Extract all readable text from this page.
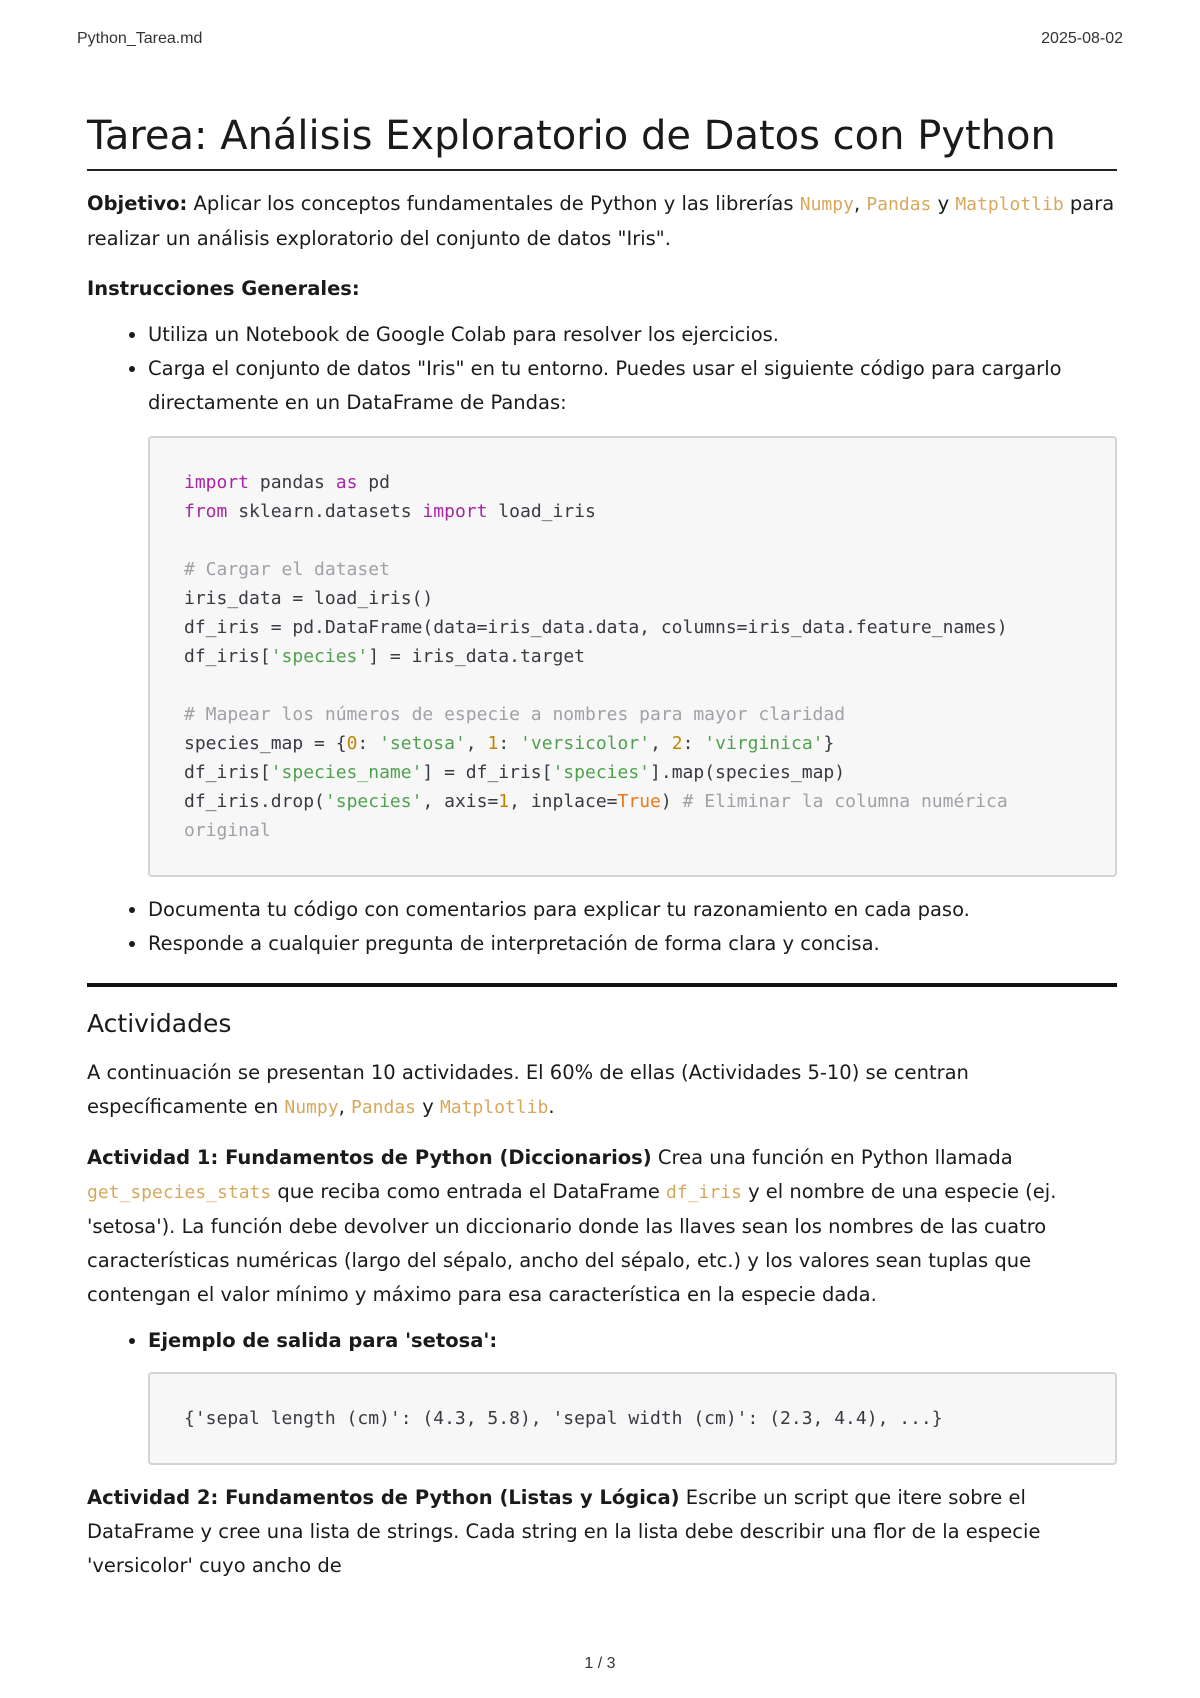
Python_Tarea.md	2025-08-02
Tarea: Análisis Exploratorio de Datos con Python

Objetivo: Aplicar los conceptos fundamentales de Python y las librerías Numpy, Pandas y Matplotlib para realizar un análisis exploratorio del conjunto de datos "Iris".

Instrucciones Generales:

• Utiliza un Notebook de Google Colab para resolver los ejercicios.
• Carga el conjunto de datos "Iris" en tu entorno. Puedes usar el siguiente código para cargarlo directamente en un DataFrame de Pandas:
import pandas as pd
from sklearn.datasets import load_iris

# Cargar el dataset
iris_data = load_iris()
df_iris = pd.DataFrame(data=iris_data.data, columns=iris_data.feature_names)
df_iris['species'] = iris_data.target

# Mapear los números de especie a nombres para mayor claridad
species_map = {0: 'setosa', 1: 'versicolor', 2: 'virginica'}
df_iris['species_name'] = df_iris['species'].map(species_map)
df_iris.drop('species', axis=1, inplace=True) # Eliminar la columna numérica original
• Documenta tu código con comentarios para explicar tu razonamiento en cada paso.
• Responde a cualquier pregunta de interpretación de forma clara y concisa.
Actividades

A continuación se presentan 10 actividades. El 60% de ellas (Actividades 5-10) se centran específicamente en Numpy, Pandas y Matplotlib.

Actividad 1: Fundamentos de Python (Diccionarios) Crea una función en Python llamada get_species_stats que reciba como entrada el DataFrame df_iris y el nombre de una especie (ej. 'setosa'). La función debe devolver un diccionario donde las llaves sean los nombres de las cuatro características numéricas (largo del sépalo, ancho del sépalo, etc.) y los valores sean tuplas que contengan el valor mínimo y máximo para esa característica en la especie dada.

• Ejemplo de salida para 'setosa':
{'sepal length (cm)': (4.3, 5.8), 'sepal width (cm)': (2.3, 4.4), ...}

Actividad 2: Fundamentos de Python (Listas y Lógica) Escribe un script que itere sobre el DataFrame y cree una lista de strings. Cada string en la lista debe describir una flor de la especie 'versicolor' cuyo ancho de

1 / 3
